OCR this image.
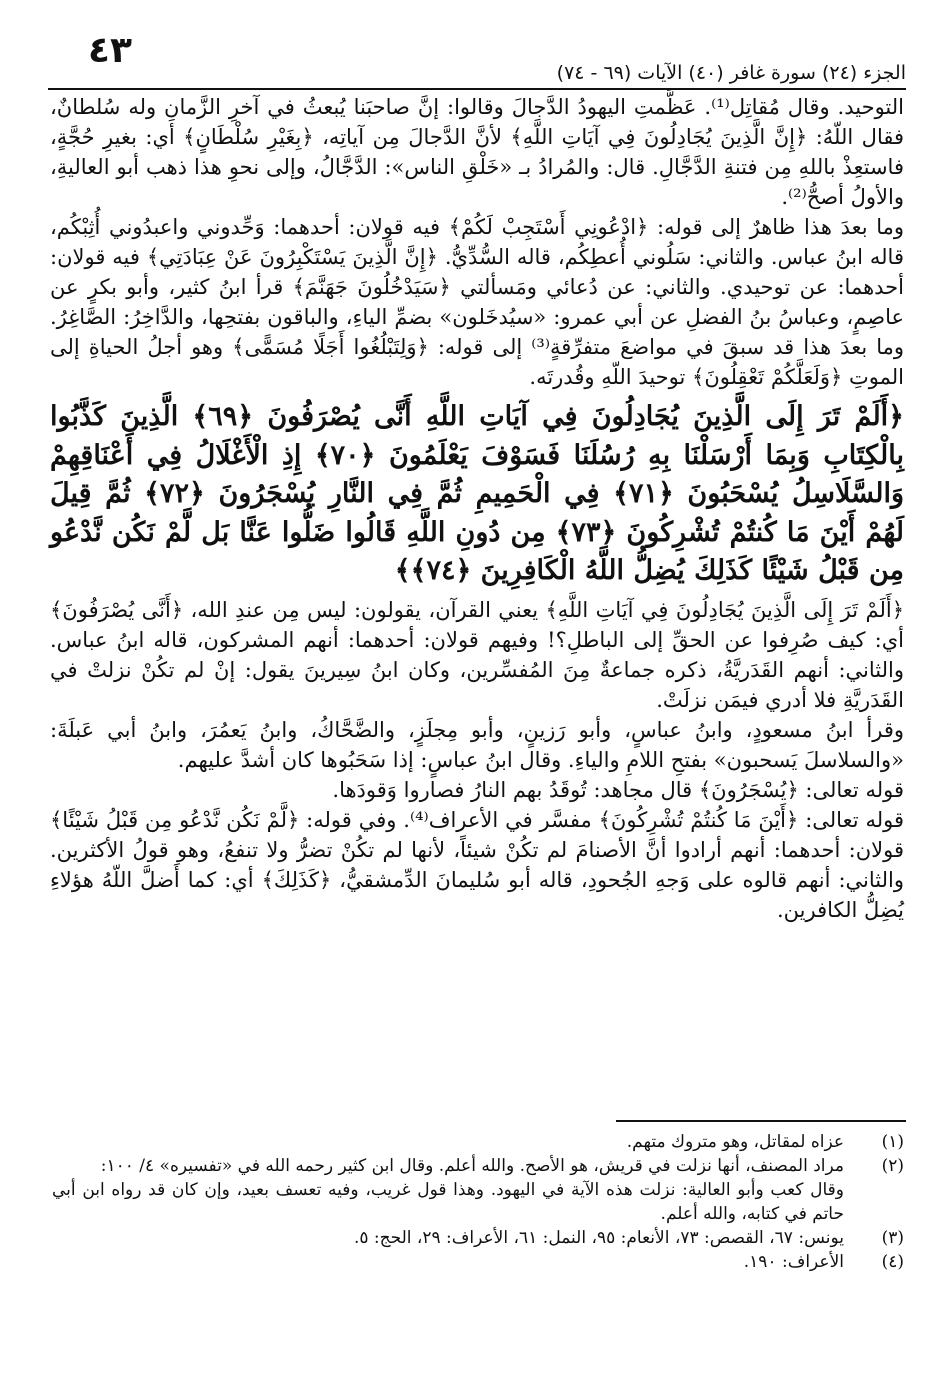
٤٣
الجزء (٢٤) سورة غافر (٤٠) الآيات (٦٩ - ٧٤)

التوحيد. وقال مُقاتِل⁽¹⁾. عَظَّمتِ اليهودُ الدَّجالَ وقالوا: إنَّ صاحبَنا يُبعثُ في آخرِ الزَّمانِ وله سُلطانٌ، فقال اللّهُ: ﴿إِنَّ الَّذِينَ يُجَادِلُونَ فِي آيَاتِ اللَّهِ﴾ لأنَّ الدَّجالَ مِن آياتِه، ﴿بِغَيْرِ سُلْطَانٍ﴾ أي: بغيرِ حُجَّةٍ، فاستعِذْ باللهِ مِن فتنةِ الدَّجَّالِ. قال: والمُرادُ بـ «خَلْقِ الناس»: الدَّجَّالُ، وإلى نحوِ هذا ذهب أبو العاليةِ، والأولُ أصحُّ⁽²⁾.

وما بعدَ هذا ظاهرٌ إلى قوله: ﴿ادْعُونِي أَسْتَجِبْ لَكُمْ﴾ فيه قولان: أحدهما: وَحِّدوني واعبدُوني أُثِبْكُم، قاله ابنُ عباس. والثاني: سَلُوني أُعطِكُم، قاله السُّدِّيُّ. ﴿إِنَّ الَّذِينَ يَسْتَكْبِرُونَ عَنْ عِبَادَتِي﴾ فيه قولان: أحدهما: عن توحيدي. والثاني: عن دُعائي ومَسألتي ﴿سَيَدْخُلُونَ جَهَنَّمَ﴾ قرأ ابنُ كثير، وأبو بكرٍ عن عاصِمٍ، وعباسُ بنُ الفضلِ عن أبي عمرو: «سيُدخَلون» بضمِّ الياءِ، والباقون بفتحِها، والدَّاخِرُ: الصَّاغِرُ. وما بعدَ هذا قد سبقَ في مواضعَ متفرِّقةٍ⁽³⁾ إلى قوله: ﴿وَلِتَبْلُغُوا أَجَلًا مُسَمًّى﴾ وهو أجلُ الحياةِ إلى الموتِ ﴿وَلَعَلَّكُمْ تَعْقِلُونَ﴾ توحيدَ اللّهِ وقُدرتَه.

﴿أَلَمْ تَرَ إِلَى الَّذِينَ يُجَادِلُونَ فِي آيَاتِ اللَّهِ أَنَّى يُصْرَفُونَ ﴿٦٩﴾ الَّذِينَ كَذَّبُوا بِالْكِتَابِ وَبِمَا أَرْسَلْنَا بِهِ رُسُلَنَا فَسَوْفَ يَعْلَمُونَ ﴿٧٠﴾ إِذِ الْأَغْلَالُ فِي أَعْنَاقِهِمْ وَالسَّلَاسِلُ يُسْحَبُونَ ﴿٧١﴾ فِي الْحَمِيمِ ثُمَّ فِي النَّارِ يُسْجَرُونَ ﴿٧٢﴾ ثُمَّ قِيلَ لَهُمْ أَيْنَ مَا كُنتُمْ تُشْرِكُونَ ﴿٧٣﴾ مِن دُونِ اللَّهِ قَالُوا ضَلُّوا عَنَّا بَل لَّمْ نَكُن نَّدْعُو مِن قَبْلُ شَيْئًا كَذَلِكَ يُضِلُّ اللَّهُ الْكَافِرِينَ ﴿٧٤﴾﴾

﴿أَلَمْ تَرَ إِلَى الَّذِينَ يُجَادِلُونَ فِي آيَاتِ اللَّهِ﴾ يعني القرآن، يقولون: ليس مِن عندِ الله، ﴿أَنَّى يُصْرَفُونَ﴾ أي: كيف صُرِفوا عن الحقِّ إلى الباطلِ؟! وفيهم قولان: أحدهما: أنهم المشركون، قاله ابنُ عباس. والثاني: أنهم القَدَريَّةُ، ذكره جماعةٌ مِنَ المُفسِّرين، وكان ابنُ سِيرينَ يقول: إنْ لم تكُنْ نزلتْ في القَدَريَّةِ فلا أدري فيمَن نزلَتْ.

وقرأ ابنُ مسعودٍ، وابنُ عباسٍ، وأبو رَزينٍ، وأبو مِجلَزٍ، والضَّحَّاكُ، وابنُ يَعمُرَ، وابنُ أبي عَبلَةَ: «والسلاسلَ يَسحبون» بفتحِ اللامِ والياءِ. وقال ابنُ عباسٍ: إذا سَحَبُوها كان أشدَّ عليهم.

قوله تعالى: ﴿يُسْجَرُونَ﴾ قال مجاهد: تُوقَدُ بهم النارُ فصاروا وَقودَها.

قوله تعالى: ﴿أَيْنَ مَا كُنتُمْ تُشْرِكُونَ﴾ مفسَّر في الأعراف⁽⁴⁾. وفي قوله: ﴿لَّمْ نَكُن نَّدْعُو مِن قَبْلُ شَيْئًا﴾ قولان: أحدهما: أنهم أرادوا أنَّ الأصنامَ لم تكُنْ شيئاً، لأنها لم تكُنْ تضرُّ ولا تنفعُ، وهو قولُ الأكثرين. والثاني: أنهم قالوه على وَجهِ الجُحودِ، قاله أبو سُليمانَ الدِّمشقيُّ، ﴿كَذَلِكَ﴾ أي: كما أَضلَّ اللّهُ هؤلاءِ يُضِلُّ الكافرين.

(١)
عزاه لمقاتل، وهو متروك متهم.
(٢)
مراد المصنف، أنها نزلت في قريش، هو الأصح. والله أعلم. وقال ابن كثير رحمه الله في «تفسيره» ٤/ ١٠٠:
وقال كعب وأبو العالية: نزلت هذه الآية في اليهود. وهذا قول غريب، وفيه تعسف بعيد، وإن كان قد رواه ابن أبي حاتم في كتابه، والله أعلم.
(٣)
يونس: ٦٧، القصص: ٧٣، الأنعام: ٩٥، النمل: ٦١، الأعراف: ٢٩، الحج: ٥.
(٤)
الأعراف: ١٩٠.
